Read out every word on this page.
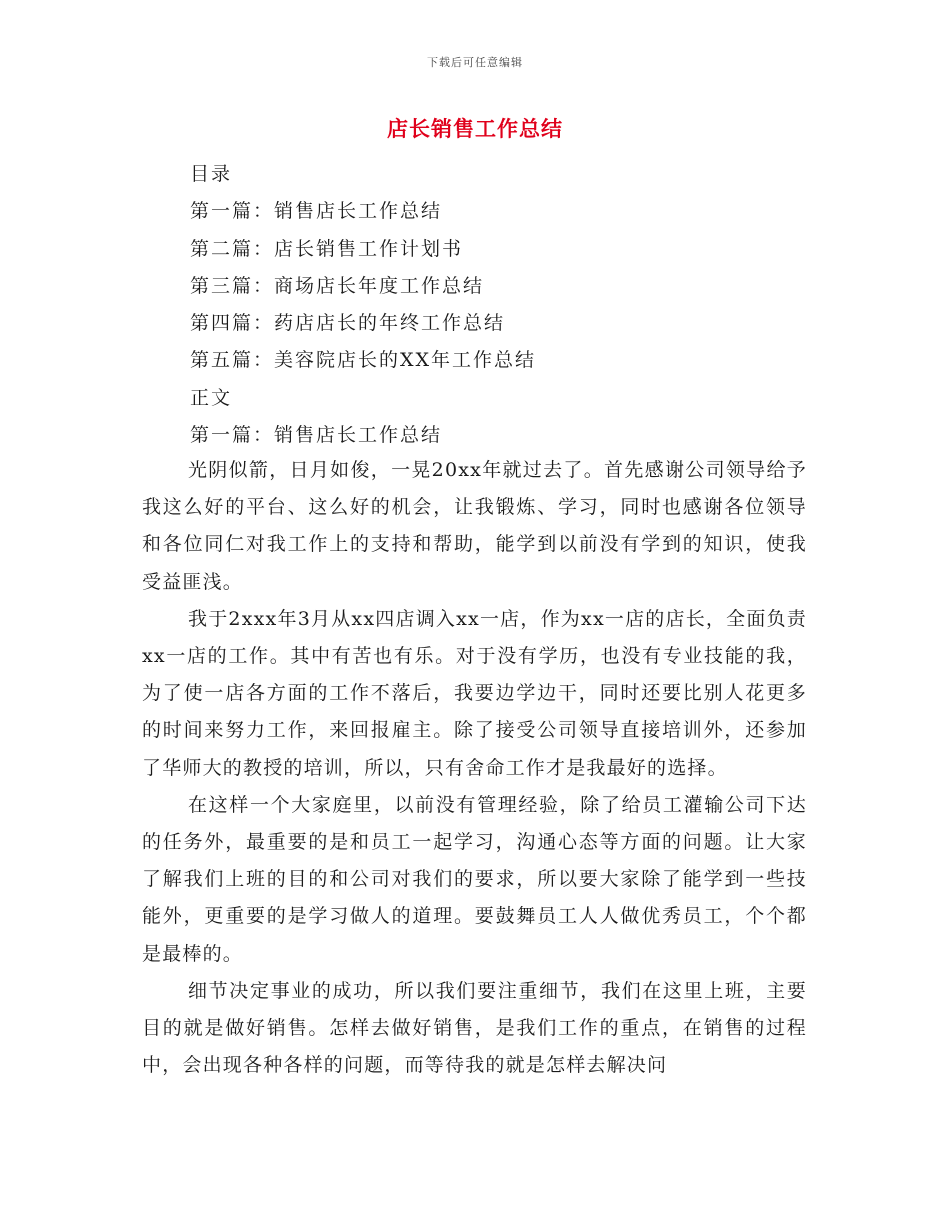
下载后可任意编辑
店长销售工作总结
目录
第一篇：销售店长工作总结
第二篇：店长销售工作计划书
第三篇：商场店长年度工作总结
第四篇：药店店长的年终工作总结
第五篇：美容院店长的XX年工作总结
正文
第一篇：销售店长工作总结

光阴似箭，日月如俊，一晃20xx年就过去了。首先感谢公司领导给予我这么好的平台、这么好的机会，让我锻炼、学习，同时也感谢各位领导和各位同仁对我工作上的支持和帮助，能学到以前没有学到的知识，使我受益匪浅。

我于2xxx年3月从xx四店调入xx一店，作为xx一店的店长，全面负责xx一店的工作。其中有苦也有乐。对于没有学历，也没有专业技能的我，为了使一店各方面的工作不落后，我要边学边干，同时还要比别人花更多的时间来努力工作，来回报雇主。除了接受公司领导直接培训外，还参加了华师大的教授的培训，所以，只有舍命工作才是我最好的选择。

在这样一个大家庭里，以前没有管理经验，除了给员工灌输公司下达的任务外，最重要的是和员工一起学习，沟通心态等方面的问题。让大家了解我们上班的目的和公司对我们的要求，所以要大家除了能学到一些技能外，更重要的是学习做人的道理。要鼓舞员工人人做优秀员工，个个都是最棒的。

细节决定事业的成功，所以我们要注重细节，我们在这里上班，主要目的就是做好销售。怎样去做好销售，是我们工作的重点，在销售的过程中，会出现各种各样的问题，而等待我的就是怎样去解决问
